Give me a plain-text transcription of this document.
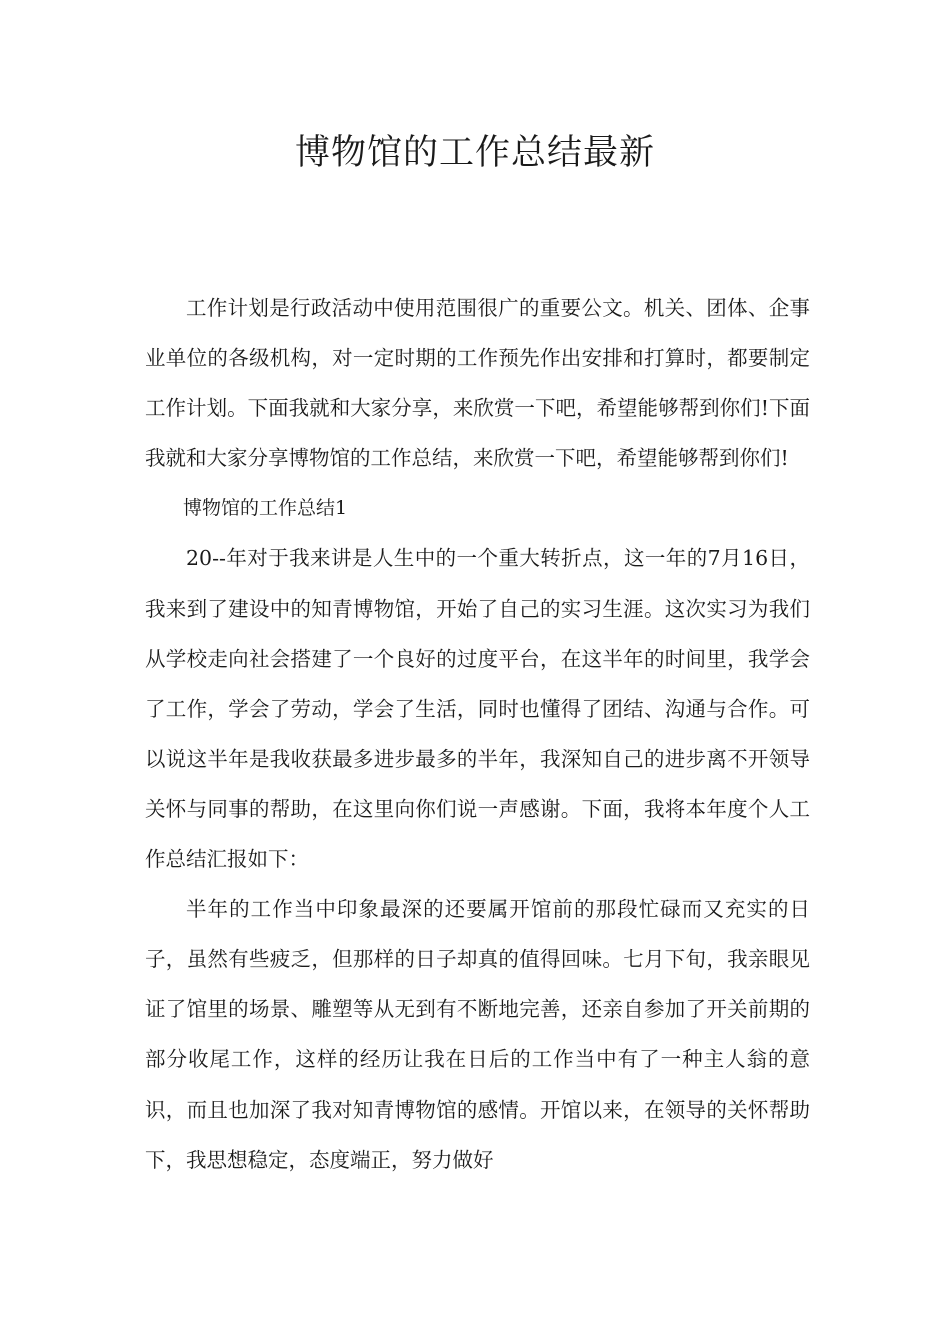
博物馆的工作总结最新

工作计划是行政活动中使用范围很广的重要公文。机关、团体、企事业单位的各级机构，对一定时期的工作预先作出安排和打算时，都要制定工作计划。下面我就和大家分享，来欣赏一下吧，希望能够帮到你们!下面我就和大家分享博物馆的工作总结，来欣赏一下吧，希望能够帮到你们!

博物馆的工作总结1

20--年对于我来讲是人生中的一个重大转折点，这一年的7月16日，我来到了建设中的知青博物馆，开始了自己的实习生涯。这次实习为我们从学校走向社会搭建了一个良好的过度平台，在这半年的时间里，我学会了工作，学会了劳动，学会了生活，同时也懂得了团结、沟通与合作。可以说这半年是我收获最多进步最多的半年，我深知自己的进步离不开领导关怀与同事的帮助，在这里向你们说一声感谢。下面，我将本年度个人工作总结汇报如下：

半年的工作当中印象最深的还要属开馆前的那段忙碌而又充实的日子，虽然有些疲乏，但那样的日子却真的值得回味。七月下旬，我亲眼见证了馆里的场景、雕塑等从无到有不断地完善，还亲自参加了开关前期的部分收尾工作，这样的经历让我在日后的工作当中有了一种主人翁的意识，而且也加深了我对知青博物馆的感情。开馆以来，在领导的关怀帮助下，我思想稳定，态度端正，努力做好
